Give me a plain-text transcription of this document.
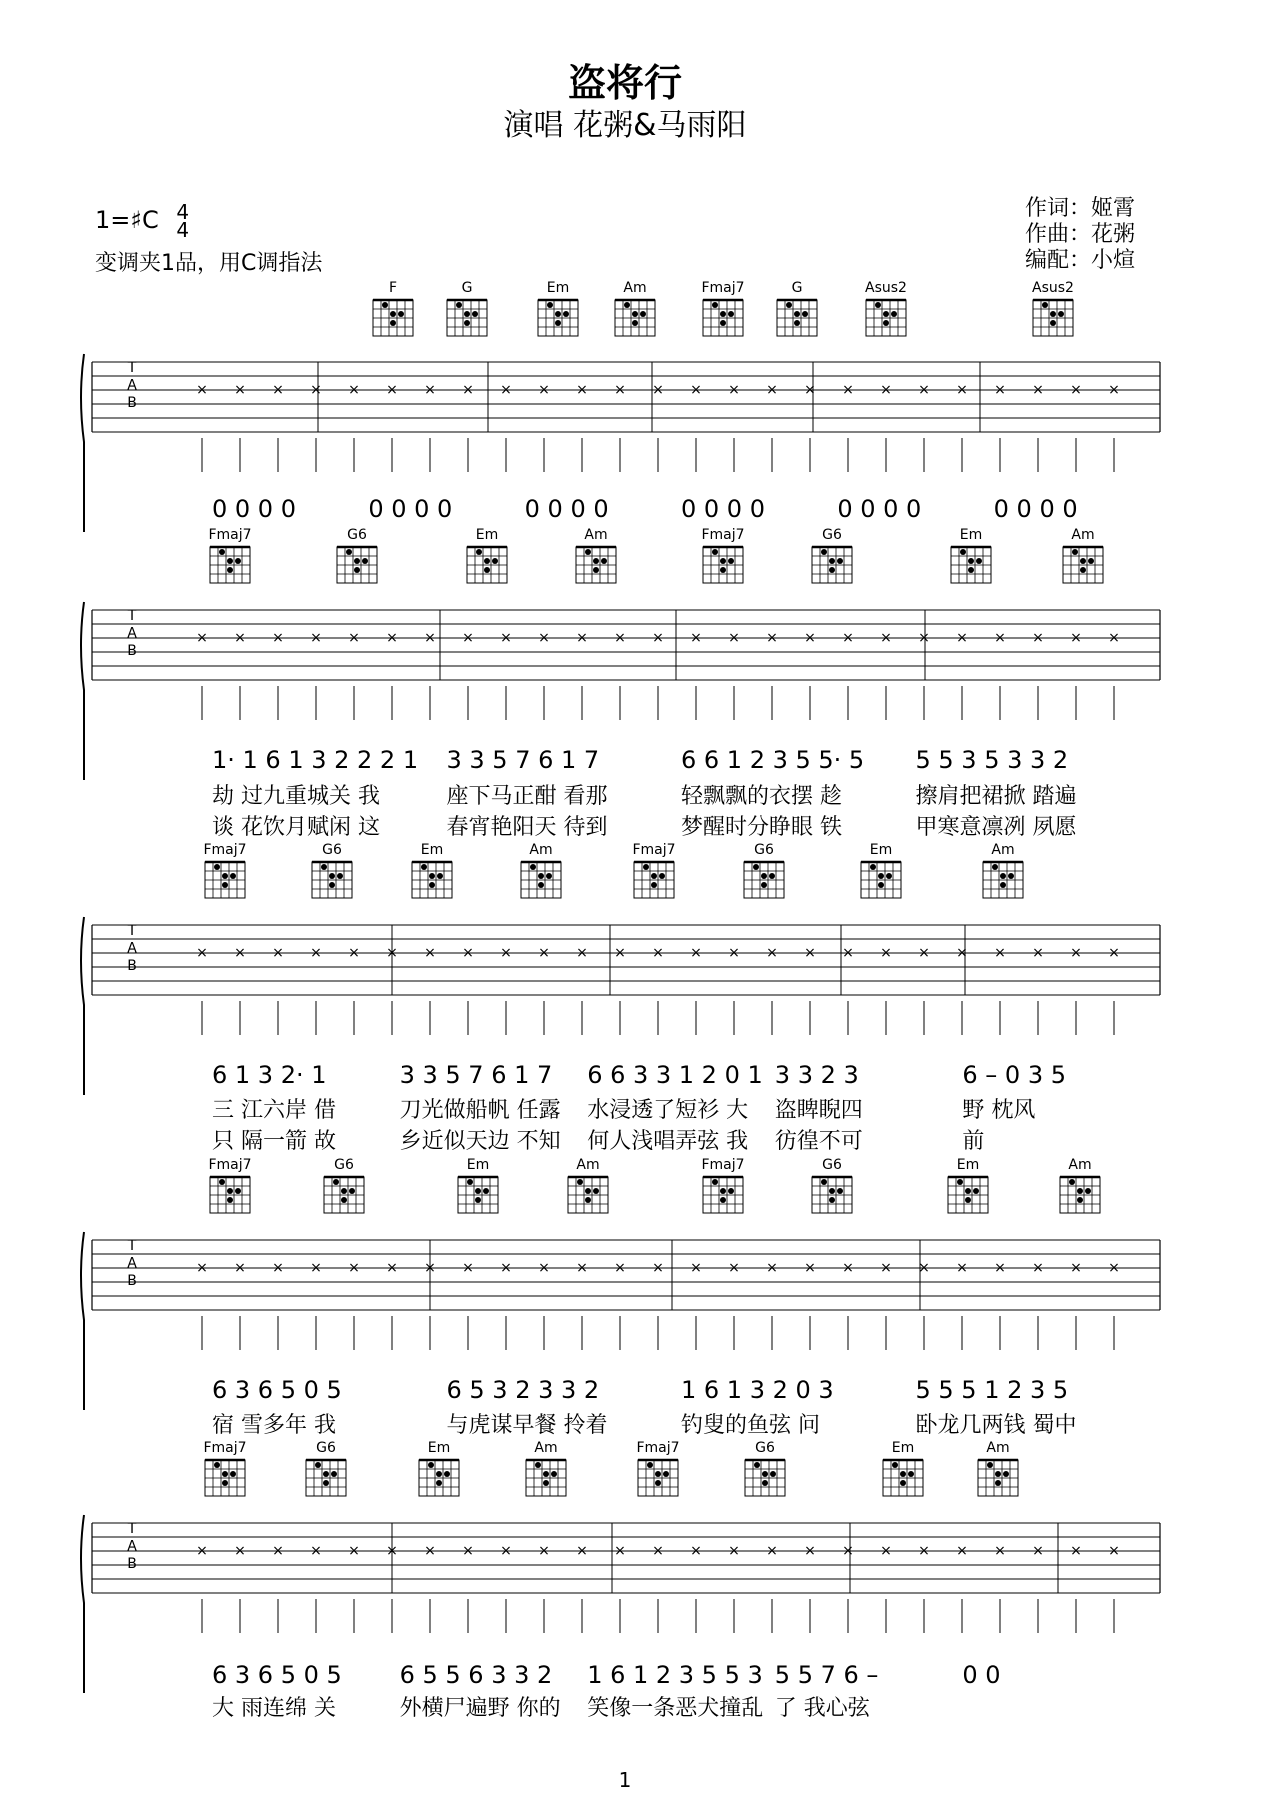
盗将行
演唱 花粥&马雨阳
1=♯C 4
4
变调夹1品，用C调指法
作词：姬霄
作曲：花粥
编配：小煊
F	G	Em	Am	Fmaj7	G	Asus2	Asus2
T
A
B
× × × × × × × × × × × × × × × × × × × × × × × × ×
0 0 0 0	0 0 0 0	0 0 0 0	0 0 0 0	0 0 0 0	0 0 0 0
Fmaj7	G6	Em	Am	Fmaj7	G6	Em	Am
T
A
B
× × × × × × × × × × × × × × × × × × × × × × × × ×
1· 1 6 1 3 2 2 2 1 3 3 5 7 6 1 7	6 6 1 2 3 5 5· 5 5 5 3 5 3 3 2
劫 过九重城关 我	座下马正酣 看那	轻飘飘的衣摆 趁	擦肩把裙掀 踏遍
谈 花饮月赋闲 这	春宵艳阳天 待到	梦醒时分睁眼 铁	甲寒意凛冽 夙愿
Fmaj7	G6	Em	Am	Fmaj7	G6	Em	Am
T
A
B
× × × × × × × × × × × × × × × × × × × × × × × × ×
6 1 3 2· 1	3 3 5 7 6 1 7 6 6 3 3 1 2 0 1 3 3 2 3	6 – 0 3 5
三 江六岸 借	刀光做船帆 任露 水浸透了短衫 大 盗睥睨四	野 枕风
只 隔一箭 故	乡近似天边 不知 何人浅唱弄弦 我 彷徨不可	前
Fmaj7	G6	Em	Am	Fmaj7	G6	Em	Am
T
A
B
× × × × × × × × × × × × × × × × × × × × × × × × ×
6 3 6 5 0 5	6 5 3 2 3 3 2	1 6 1 3 2 0 3	5 5 5 1 2 3 5
宿 雪多年 我	与虎谋早餐 拎着	钓叟的鱼弦 问	卧龙几两钱 蜀中
Fmaj7	G6	Em	Am	Fmaj7	G6	Em	Am
T
A
B
× × × × × × × × × × × × × × × × × × × × × × × × ×
6 3 6 5 0 5 6 5 5 6 3 3 2 1 6 1 2 3 5 5 3 5 5 7 6 –	0 0
大 雨连绵 关	外横尸遍野 你的 笑像一条恶犬撞乱 了 我心弦
1
